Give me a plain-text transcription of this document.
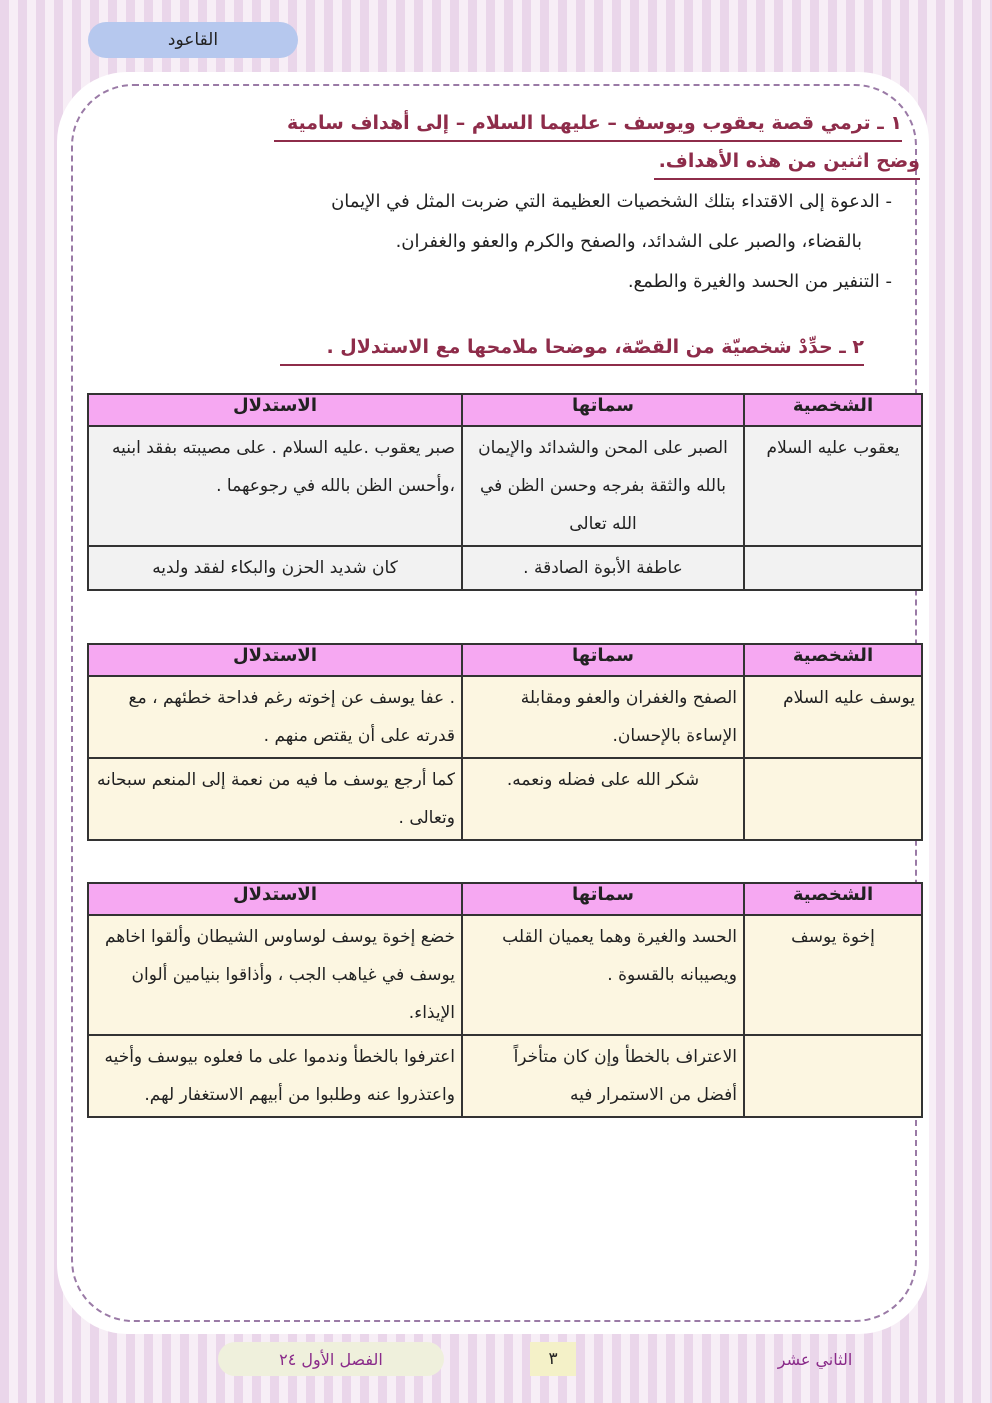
القاعود
١ ـ ترمي قصة يعقوب ويوسف – عليهما السلام – إلى أهداف سامية
وضح اثنين من هذه الأهداف.
- الدعوة إلى الاقتداء بتلك الشخصيات العظيمة التي ضربت المثل في الإيمان
بالقضاء، والصبر على الشدائد، والصفح والكرم والعفو والغفران.
- التنفير من الحسد والغيرة والطمع.
٢ ـ حدِّدْ شخصيّة من القصّة، موضحا ملامحها مع الاستدلال .
الشخصية	سماتها	الاستدلال
يعقوب عليه السلام	الصبر على المحن والشدائد والإيمان بالله والثقة بفرجه وحسن الظن في الله تعالى	صبر يعقوب .عليه السلام . على مصيبته بفقد ابنيه ،وأحسن الظن بالله في رجوعهما .
	عاطفة الأبوة الصادقة .	كان شديد الحزن والبكاء لفقد ولديه
الشخصية	سماتها	الاستدلال
يوسف عليه السلام	الصفح والغفران والعفو ومقابلة الإساءة بالإحسان.	. عفا يوسف عن إخوته رغم فداحة خطئهم ، مع قدرته على أن يقتص منهم .
	شكر الله على فضله ونعمه.	كما أرجع يوسف ما فيه من نعمة إلى المنعم سبحانه وتعالى .
الشخصية	سماتها	الاستدلال
إخوة يوسف	الحسد والغيرة وهما يعميان القلب ويصيبانه بالقسوة .	خضع إخوة يوسف لوساوس الشيطان وألقوا اخاهم يوسف في غياهب الجب ، وأذاقوا بنيامين ألوان الإيذاء.
	الاعتراف بالخطأ وإن كان متأخراً أفضل من الاستمرار فيه	اعترفوا بالخطأ وندموا على ما فعلوه بيوسف وأخيه واعتذروا عنه وطلبوا من أبيهم الاستغفار لهم.
الفصل الأول ٢٤	٣	الثاني عشر
